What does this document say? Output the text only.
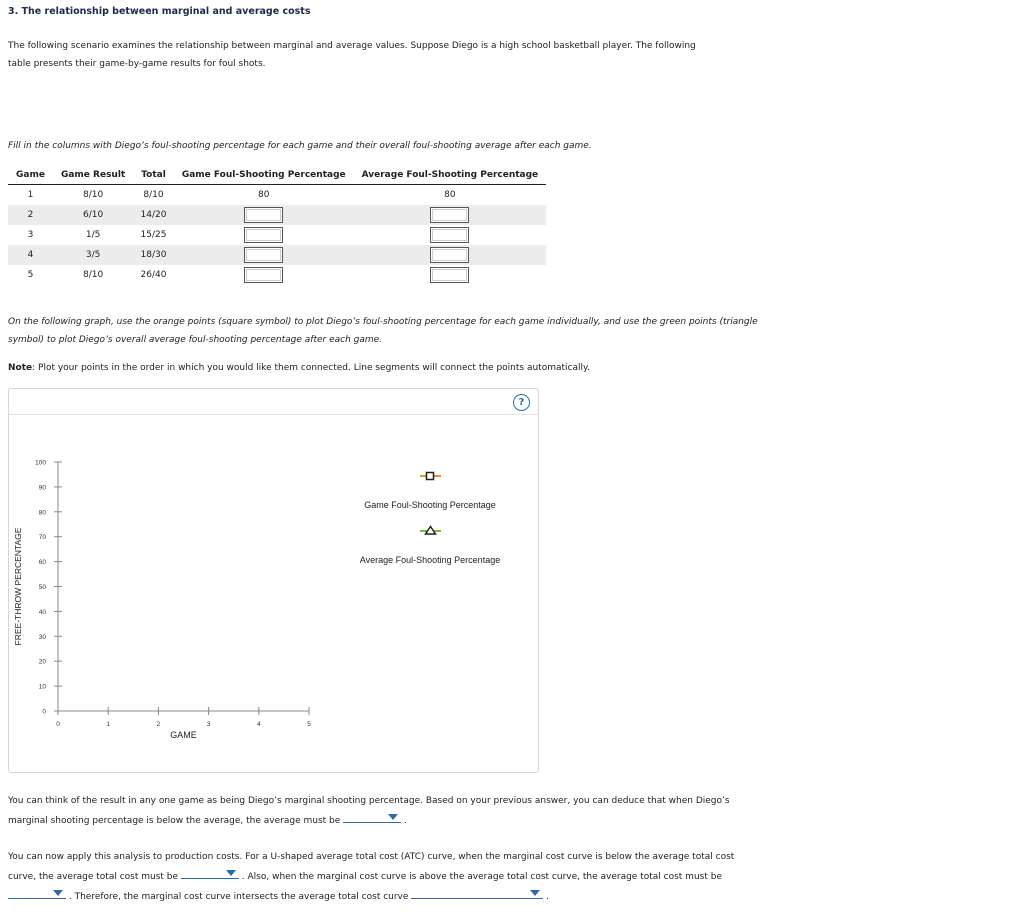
3. The relationship between marginal and average costs
The following scenario examines the relationship between marginal and average values. Suppose Diego is a high school basketball player. The following table presents their game-by-game results for foul shots.
Fill in the columns with Diego’s foul-shooting percentage for each game and their overall foul-shooting average after each game.
Game	Game Result	Total	Game Foul-Shooting Percentage	Average Foul-Shooting Percentage
1	8/10	8/10	80	80
2	6/10	14/20		
3	1/5	15/25		
4	3/5	18/30		
5	8/10	26/40		
On the following graph, use the orange points (square symbol) to plot Diego’s foul-shooting percentage for each game individually, and use the green points (triangle symbol) to plot Diego’s overall average foul-shooting percentage after each game.
Note: Plot your points in the order in which you would like them connected. Line segments will connect the points automatically.
?
0
10
20
30
40
50
60
70
80
90
100
0	1	2	3	4	5
GAME
FREE-THROW PERCENTAGE
Game Foul-Shooting Percentage
Average Foul-Shooting Percentage
You can think of the result in any one game as being Diego’s marginal shooting percentage. Based on your previous answer, you can deduce that when Diego’s marginal shooting percentage is below the average, the average must be	.
You can now apply this analysis to production costs. For a U-shaped average total cost (ATC) curve, when the marginal cost curve is below the average total cost curve, the average total cost must be	. Also, when the marginal cost curve is above the average total cost curve, the average total cost must be  . Therefore, the marginal cost curve intersects the average total cost curve	.
